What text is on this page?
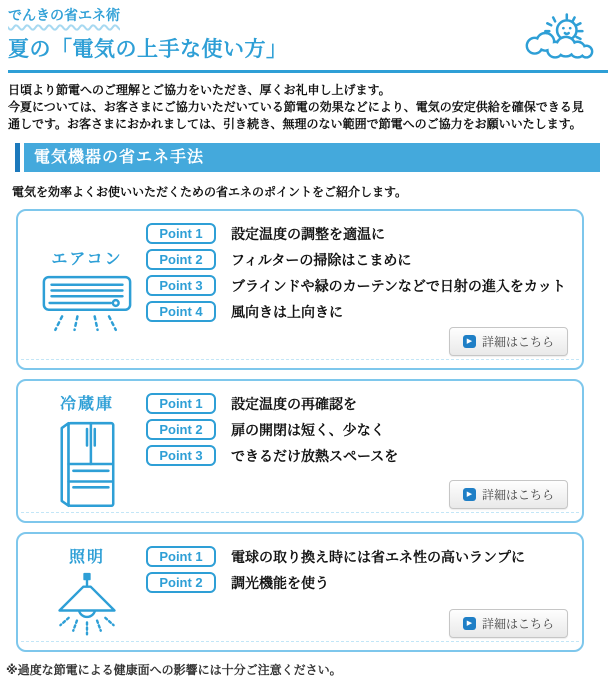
でんきの省エネ術
夏の「電気の上手な使い方」

日頃より節電へのご理解とご協力をいただき、厚くお礼申し上げます。

今夏については、お客さまにご協力いただいている節電の効果などにより、電気の安定供給を確保できる見通しです。お客さまにおかれましては、引き続き、無理のない範囲で節電へのご協力をお願いいたします。

電気機器の省エネ手法

電気を効率よくお使いいただくための省エネのポイントをご紹介します。

エアコン
Point 1	設定温度の調整を適温に
Point 2	フィルターの掃除はこまめに
Point 3	ブラインドや緑のカーテンなどで日射の進入をカット
Point 4	風向きは上向きに
▶
詳細はこちら
冷蔵庫	Point 1	設定温度の再確認を
Point 2	扉の開閉は短く、少なく
Point 3	できるだけ放熱スペースを
▶
詳細はこちら
照明	Point 1	電球の取り換え時には省エネ性の高いランプに
Point 2	調光機能を使う
▶
詳細はこちら

※過度な節電による健康面への影響には十分ご注意ください。
